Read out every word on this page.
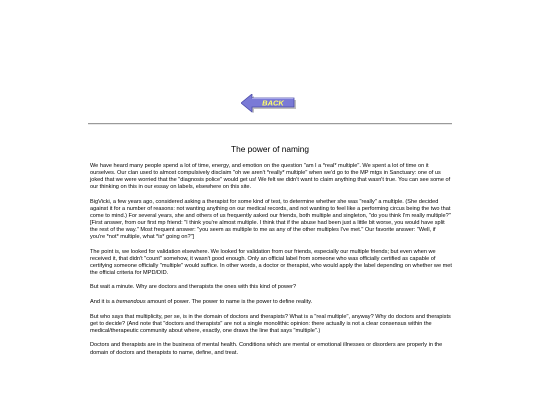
BACK
The power of naming

We have heard many people spend a lot of time, energy, and emotion on the question "am I a *real* multiple". We spent a lot of time on it ourselves. Our clan used to almost compulsively disclaim "oh we aren't *really* multiple" when we'd go to the MP mtgs in Sanctuary: one of us joked that we were worried that the "diagnosis police" would get us! We felt we didn't want to claim anything that wasn't true. You can see some of our thinking on this in our essay on labels, elsewhere on this site.

BigVicki, a few years ago, considered asking a therapist for some kind of test, to determine whether she was "really" a multiple. (She decided against it for a number of reasons: not wanting anything on our medical records, and not wanting to feel like a performing circus being the two that come to mind.) For several years, she and others of us frequently asked our friends, both multiple and singleton, "do you think I'm really multiple?" [First answer, from our first mp friend: "I think you're almost multiple. I think that if the abuse had been just a little bit worse, you would have split the rest of the way." Most frequent answer: "you seem as multiple to me as any of the other multiples I've met." Our favorite answer: "Well, if you're *not* multiple, what *is* going on?"]

The point is, we looked for validation elsewhere. We looked for validation from our friends, especially our multiple friends; but even when we received it, that didn't "count" somehow, it wasn't good enough. Only an official label from someone who was officially certified as capable of certifying someone officially "multiple" would suffice. In other words, a doctor or therapist, who would apply the label depending on whether we met the official criteria for MPD/DID.

But wait a minute. Why are doctors and therapists the ones with this kind of power?

And it is a tremendous amount of power. The power to name is the power to define reality.

But who says that multiplicity, per se, is in the domain of doctors and therapists? What is a "real multiple", anyway? Why do doctors and therapists get to decide? (And note that "doctors and therapists" are not a single monolithic opinion: there actually is not a clear consensus within the medical/therapeutic community about where, exactly, one draws the line that says "multiple".)

Doctors and therapists are in the business of mental health. Conditions which are mental or emotional illnesses or disorders are properly in the domain of doctors and therapists to name, define, and treat.
